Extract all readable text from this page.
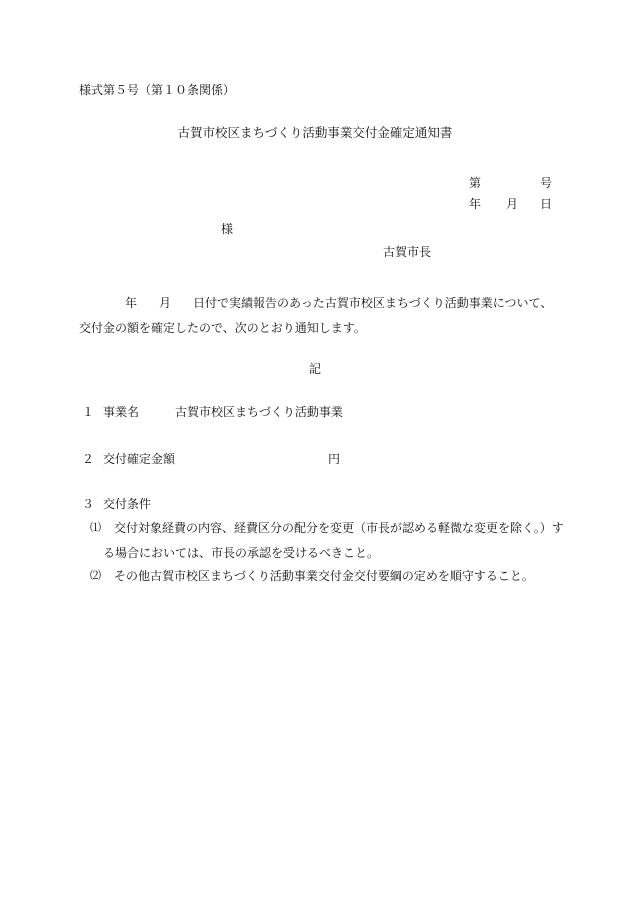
様式第５号（第１０条関係）
古賀市校区まちづくり活動事業交付金確定通知書
第	号
年 月 日
様
古賀市長
年 月 日付で実績報告のあった古賀市校区まちづくり活動事業について、
交付金の額を確定したので、次のとおり通知します。
記
１ 事業名	古賀市校区まちづくり活動事業
２ 交付確定金額	円
３ 交付条件
⑴ 交付対象経費の内容、経費区分の配分を変更（市長が認める軽微な変更を除く。）す
る場合においては、市長の承認を受けるべきこと。
⑵ その他古賀市校区まちづくり活動事業交付金交付要綱の定めを順守すること。
